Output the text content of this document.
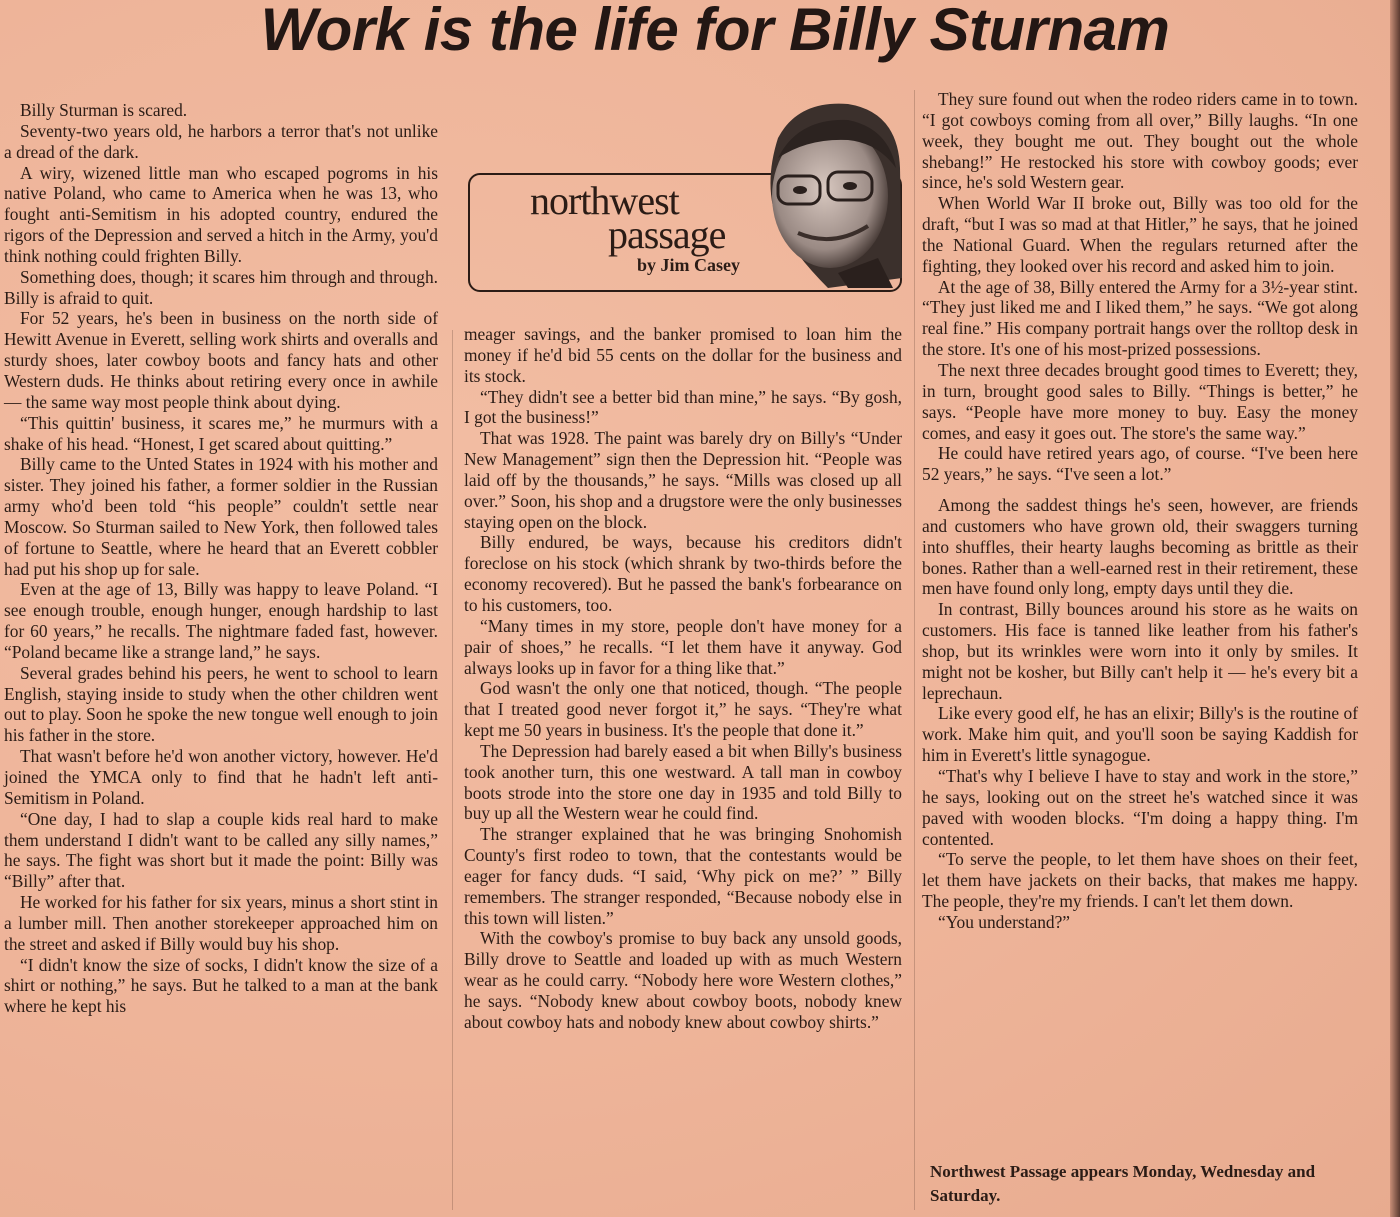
Work is the life for Billy Sturnam
northwest
passage
by Jim Casey

Billy Sturman is scared.

Seventy-two years old, he harbors a terror that's not unlike a dread of the dark.

A wiry, wizened little man who escaped pogroms in his native Poland, who came to America when he was 13, who fought anti-Semitism in his adopted country, endured the rigors of the Depression and served a hitch in the Army, you'd think nothing could frighten Billy.

Something does, though; it scares him through and through. Billy is afraid to quit.

For 52 years, he's been in business on the north side of Hewitt Avenue in Everett, selling work shirts and overalls and sturdy shoes, later cowboy boots and fancy hats and other Western duds. He thinks about retiring every once in awhile — the same way most people think about dying.

“This quittin' business, it scares me,” he murmurs with a shake of his head. “Honest, I get scared about quitting.”

Billy came to the Unted States in 1924 with his mother and sister. They joined his father, a former soldier in the Russian army who'd been told “his people” couldn't settle near Moscow. So Sturman sailed to New York, then followed tales of fortune to Seattle, where he heard that an Everett cobbler had put his shop up for sale.

Even at the age of 13, Billy was happy to leave Poland. “I see enough trouble, enough hunger, enough hardship to last for 60 years,” he recalls. The nightmare faded fast, however. “Poland became like a strange land,” he says.

Several grades behind his peers, he went to school to learn English, staying inside to study when the other children went out to play. Soon he spoke the new tongue well enough to join his father in the store.

That wasn't before he'd won another victory, however. He'd joined the YMCA only to find that he hadn't left anti-Semitism in Poland.

“One day, I had to slap a couple kids real hard to make them understand I didn't want to be called any silly names,” he says. The fight was short but it made the point: Billy was “Billy” after that.

He worked for his father for six years, minus a short stint in a lumber mill. Then another storekeeper approached him on the street and asked if Billy would buy his shop.

“I didn't know the size of socks, I didn't know the size of a shirt or nothing,” he says. But he talked to a man at the bank where he kept his

meager savings, and the banker promised to loan him the money if he'd bid 55 cents on the dollar for the business and its stock.

“They didn't see a better bid than mine,” he says. “By gosh, I got the business!”

That was 1928. The paint was barely dry on Billy's “Under New Management” sign then the Depression hit. “People was laid off by the thousands,” he says. “Mills was closed up all over.” Soon, his shop and a drugstore were the only businesses staying open on the block.

Billy endured, be ways, because his creditors didn't foreclose on his stock (which shrank by two-thirds before the economy recovered). But he passed the bank's forbearance on to his customers, too.

“Many times in my store, people don't have money for a pair of shoes,” he recalls. “I let them have it anyway. God always looks up in favor for a thing like that.”

God wasn't the only one that noticed, though. “The people that I treated good never forgot it,” he says. “They're what kept me 50 years in business. It's the people that done it.”

The Depression had barely eased a bit when Billy's business took another turn, this one westward. A tall man in cowboy boots strode into the store one day in 1935 and told Billy to buy up all the Western wear he could find.

The stranger explained that he was bringing Snohomish County's first rodeo to town, that the contestants would be eager for fancy duds. “I said, ‘Why pick on me?’ ” Billy remembers. The stranger responded, “Because nobody else in this town will listen.”

With the cowboy's promise to buy back any unsold goods, Billy drove to Seattle and loaded up with as much Western wear as he could carry. “Nobody here wore Western clothes,” he says. “Nobody knew about cowboy boots, nobody knew about cowboy hats and nobody knew about cowboy shirts.”

They sure found out when the rodeo riders came in to town. “I got cowboys coming from all over,” Billy laughs. “In one week, they bought me out. They bought out the whole shebang!” He restocked his store with cowboy goods; ever since, he's sold Western gear.

When World War II broke out, Billy was too old for the draft, “but I was so mad at that Hitler,” he says, that he joined the National Guard. When the regulars returned after the fighting, they looked over his record and asked him to join.

At the age of 38, Billy entered the Army for a 3½-year stint. “They just liked me and I liked them,” he says. “We got along real fine.” His company portrait hangs over the rolltop desk in the store. It's one of his most-prized possessions.

The next three decades brought good times to Everett; they, in turn, brought good sales to Billy. “Things is better,” he says. “People have more money to buy. Easy the money comes, and easy it goes out. The store's the same way.”

He could have retired years ago, of course. “I've been here 52 years,” he says. “I've seen a lot.”

Among the saddest things he's seen, however, are friends and customers who have grown old, their swaggers turning into shuffles, their hearty laughs becoming as brittle as their bones. Rather than a well-earned rest in their retirement, these men have found only long, empty days until they die.

In contrast, Billy bounces around his store as he waits on customers. His face is tanned like leather from his father's shop, but its wrinkles were worn into it only by smiles. It might not be kosher, but Billy can't help it — he's every bit a leprechaun.

Like every good elf, he has an elixir; Billy's is the routine of work. Make him quit, and you'll soon be saying Kaddish for him in Everett's little synagogue.

“That's why I believe I have to stay and work in the store,” he says, looking out on the street he's watched since it was paved with wooden blocks. “I'm doing a happy thing. I'm contented.

“To serve the people, to let them have shoes on their feet, let them have jackets on their backs, that makes me happy. The people, they're my friends. I can't let them down.

“You understand?”

Northwest Passage appears Monday, Wednesday and Saturday.
